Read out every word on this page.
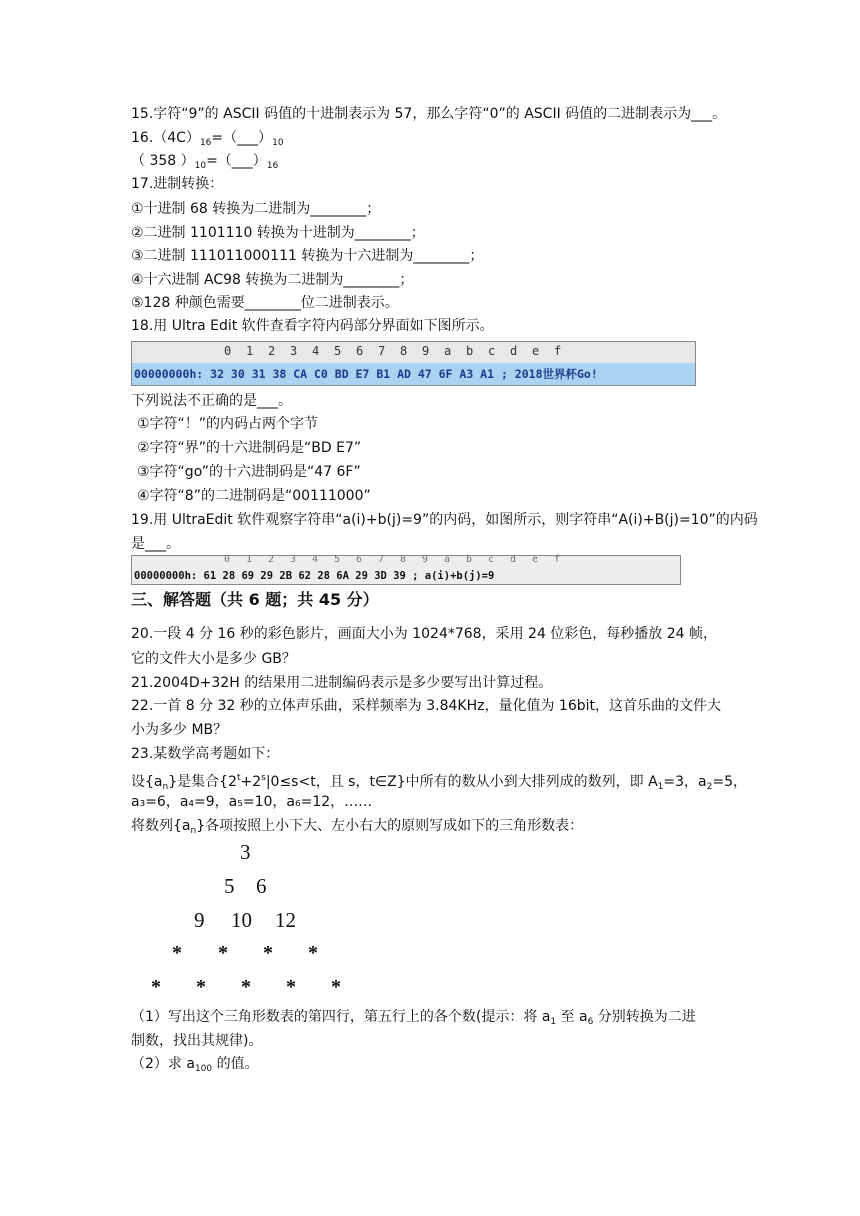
15.字符“9”的 ASCII 码值的十进制表示为 57，那么字符“0”的 ASCII 码值的二进制表示为___。
$16.(4C)_{16}=(\_\_\_)_{10}$
（ 358 ）$_{10}=(\_\_\_)_{16}$
17.进制转换：
①十进制 68 转换为二进制为________；
②二进制 1101110 转换为十进制为________；
③二进制 111011000111 转换为十六进制为________；
④十六进制 AC98 转换为二进制为________；
⑤128 种颜色需要________位二进制表示。
18.用 Ultra Edit 软件查看字符内码部分界面如下图所示。
0 1 2 3 4 5 6 7 8 9 a b c d e f
00000000h: 32 30 31 38 CA C0 BD E7 B1 AD 47 6F A3 A1 ; 2018世界杯Go!
下列说法不正确的是___。
①字符“！”的内码占两个字节
②字符“界”的十六进制码是“BD E7”
③字符“go”的十六进制码是“47 6F”
④字符“8”的二进制码是“00111000”
19.用 UltraEdit 软件观察字符串“a(i)+b(j)=9”的内码，如图所示，则字符串“A(i)+B(j)=10”的内码
是___。
0 1 2 3 4 5 6 7 8 9 a b c d e f
00000000h: 61 28 69 29 2B 62 28 6A 29 3D 39 ; a(i)+b(j)=9
三、解答题（共 6 题；共 45 分）
20.一段 4 分 16 秒的彩色影片，画面大小为 1024*768，采用 24 位彩色，每秒播放 24 帧，
它的文件大小是多少 GB？
21.2004D+32H 的结果用二进制编码表示是多少要写出计算过程。
22.一首 8 分 32 秒的立体声乐曲，采样频率为 3.84KHz，量化值为 16bit，这首乐曲的文件大
小为多少 MB？
23.某数学高考题如下：
设$\{a_n\}$是集合{$2^t+2^s|0\le s<t$，且 s，t∈Z}中所有的数从小到大排列成的数列，即 $A_1=3$，$a_2=5$，
a₃=6，a₄=9，a₅=10，a₆=12，……
将数列$\{a_n\}$各项按照上小下大、左小右大的原则写成如下的三角形数表：
3
5 6
9 10 12
* * * *
* * * * *
（1）写出这个三角形数表的第四行，第五行上的各个数(提示：将 $a_1$ 至 $a_6$ 分别转换为二进
制数，找出其规律)。
（2）求 $a_{100}$ 的值。
